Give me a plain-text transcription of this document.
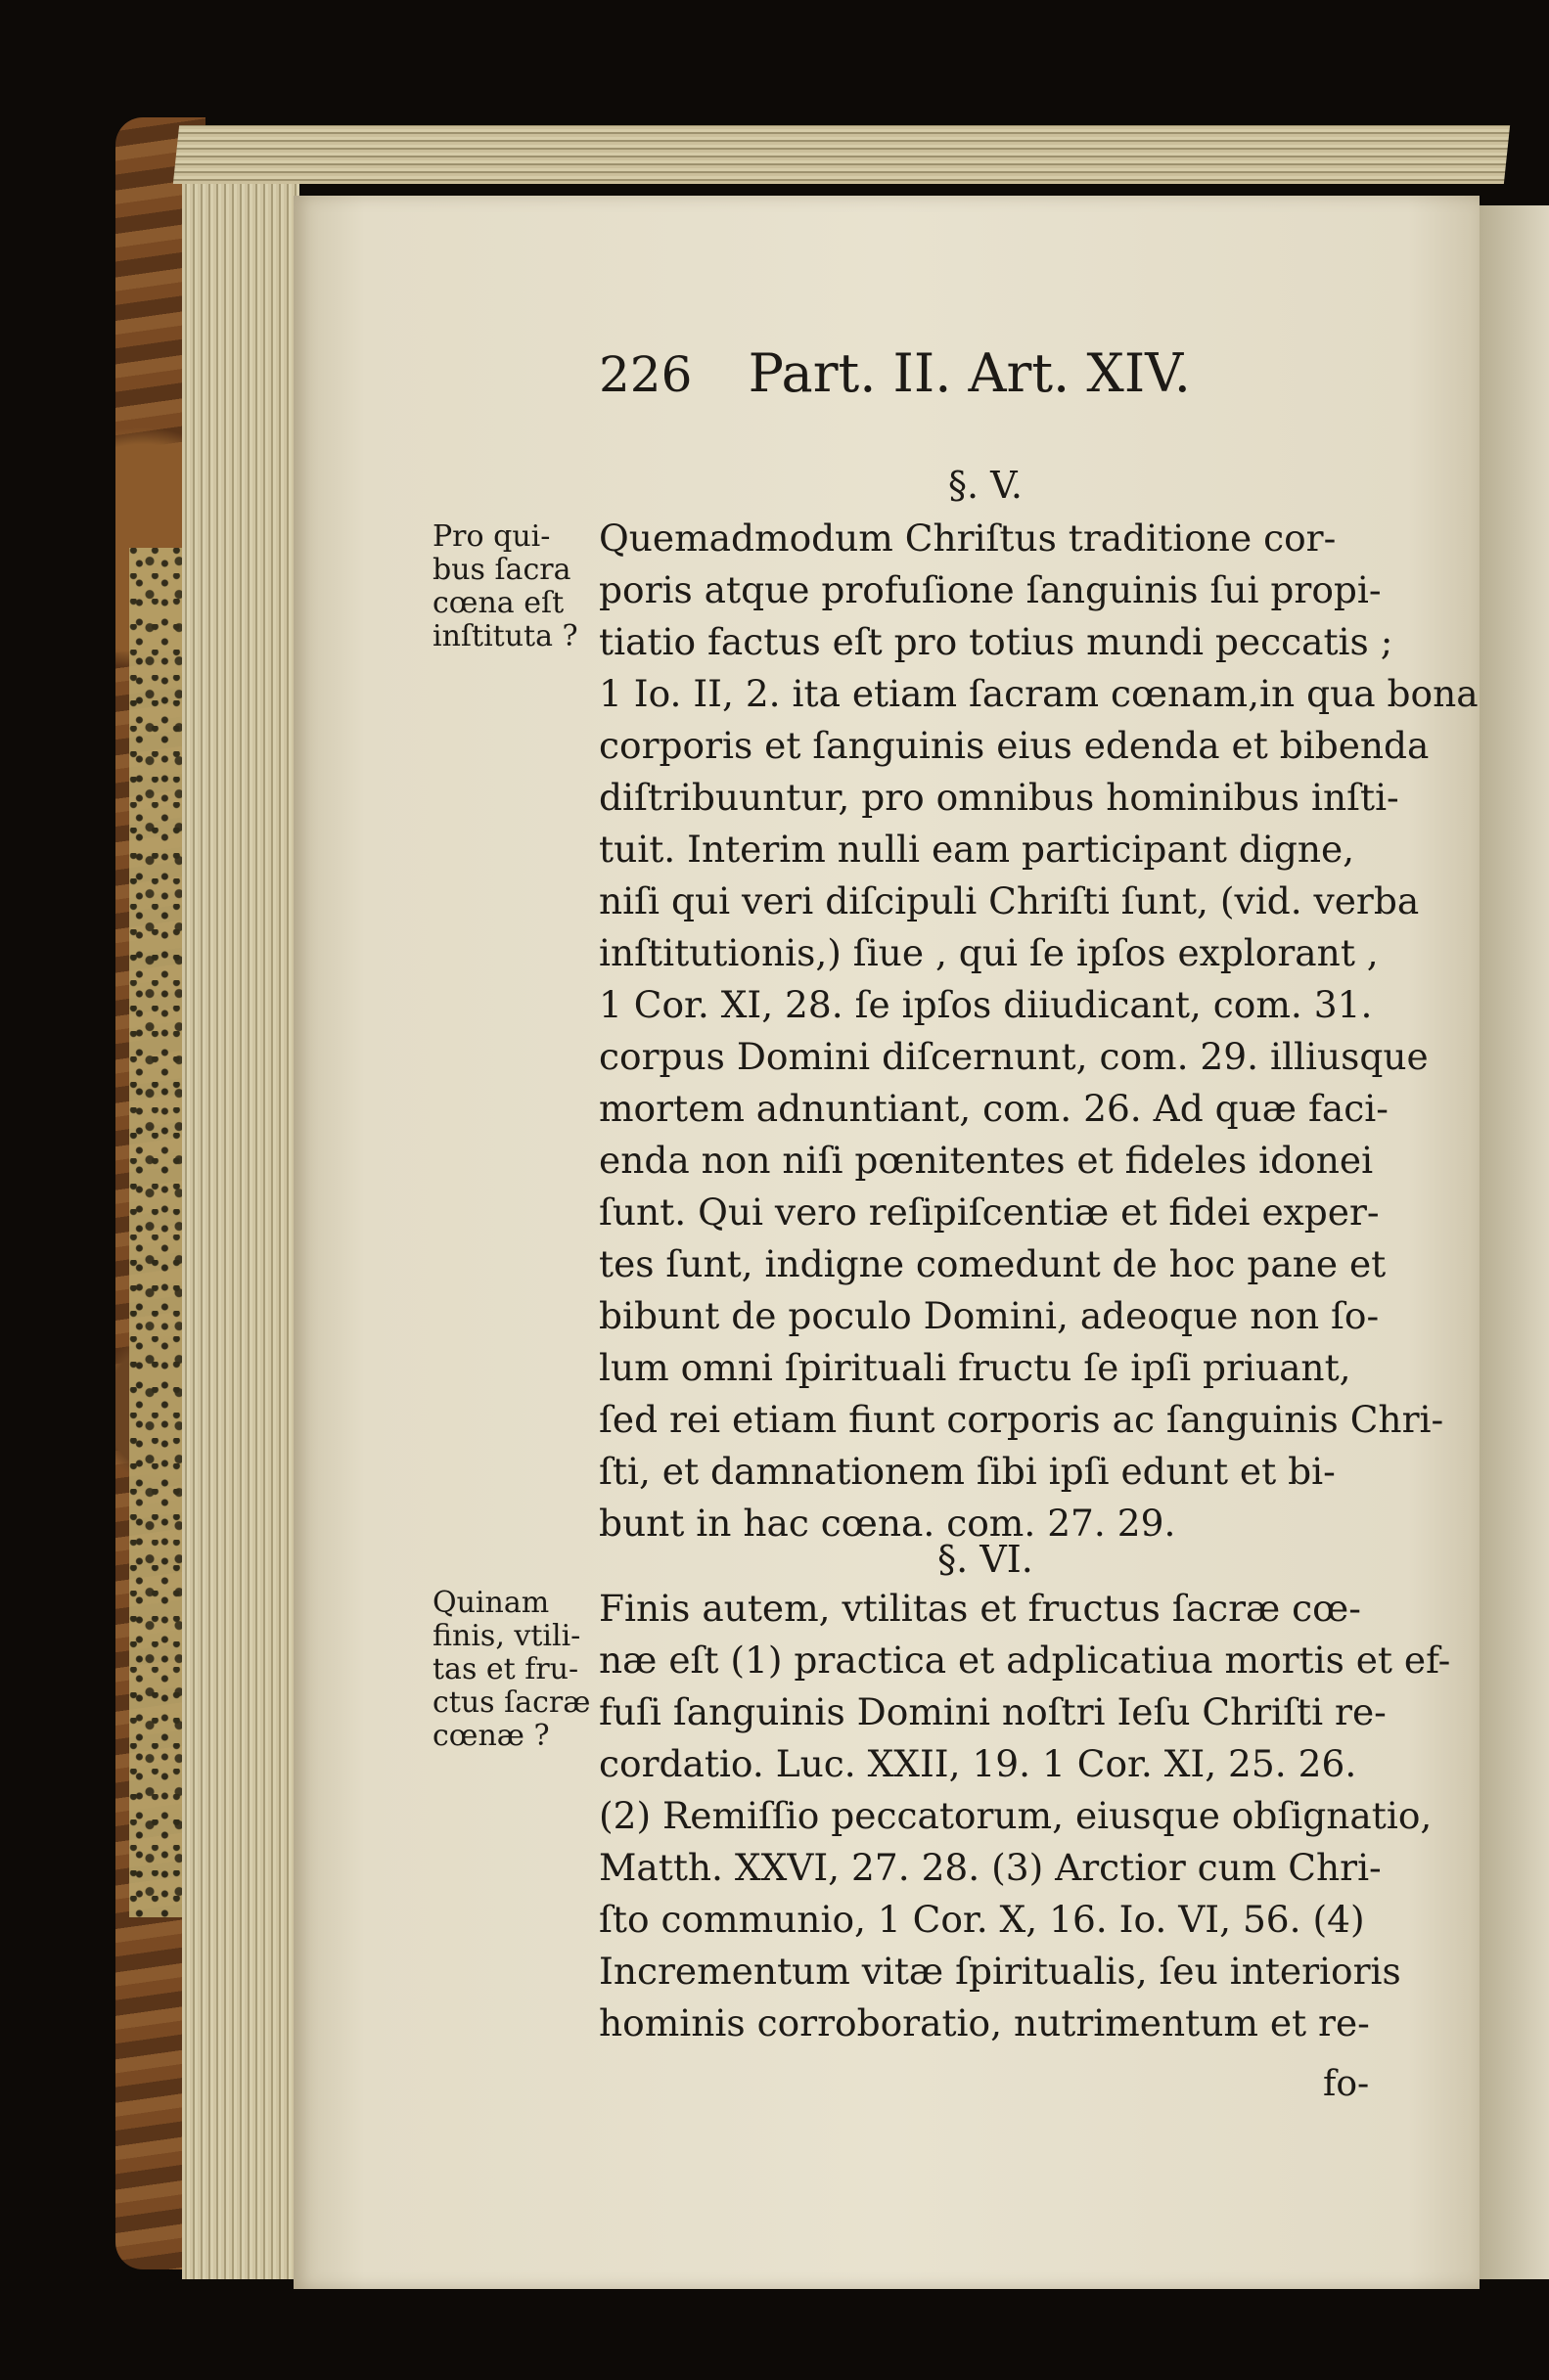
226 Part. II. Art. XIV.
§. V.
Pro qui-
bus ſacra
cœna eſt
inſtituta ?
Quemadmodum Chriſtus traditione cor-
poris atque profuſione ſanguinis ſui propi-
tiatio factus eſt pro totius mundi peccatis ;
1 Io. II, 2. ita etiam ſacram cœnam,in qua bona
corporis et ſanguinis eius edenda et bibenda
diſtribuuntur, pro omnibus hominibus inſti-
tuit. Interim nulli eam participant digne,
niſi qui veri diſcipuli Chriſti ſunt, (vid. verba
inſtitutionis,) ſiue , qui ſe ipſos explorant ,
1 Cor. XI, 28. ſe ipſos diiudicant, com. 31.
corpus Domini diſcernunt, com. 29. illiusque
mortem adnuntiant, com. 26. Ad quæ faci-
enda non niſi pœnitentes et fideles idonei
ſunt. Qui vero reſipiſcentiæ et fidei exper-
tes ſunt, indigne comedunt de hoc pane et
bibunt de poculo Domini, adeoque non ſo-
lum omni ſpirituali fructu ſe ipſi priuant,
ſed rei etiam fiunt corporis ac ſanguinis Chri-
ſti, et damnationem ſibi ipſi edunt et bi-
bunt in hac cœna. com. 27. 29.
§. VI.
Quinam
finis, vtili-
tas et fru-
ctus ſacræ
cœnæ ?
Finis autem, vtilitas et fructus ſacræ cœ-
næ eſt (1) practica et adplicatiua mortis et ef-
fuſi ſanguinis Domini noſtri Ieſu Chriſti re-
cordatio. Luc. XXII, 19. 1 Cor. XI, 25. 26.
(2) Remiſſio peccatorum, eiusque obſignatio,
Matth. XXVI, 27. 28. (3) Arctior cum Chri-
ſto communio, 1 Cor. X, 16. Io. VI, 56. (4)
Incrementum vitæ ſpiritualis, ſeu interioris
hominis corroboratio, nutrimentum et re-
fo-
